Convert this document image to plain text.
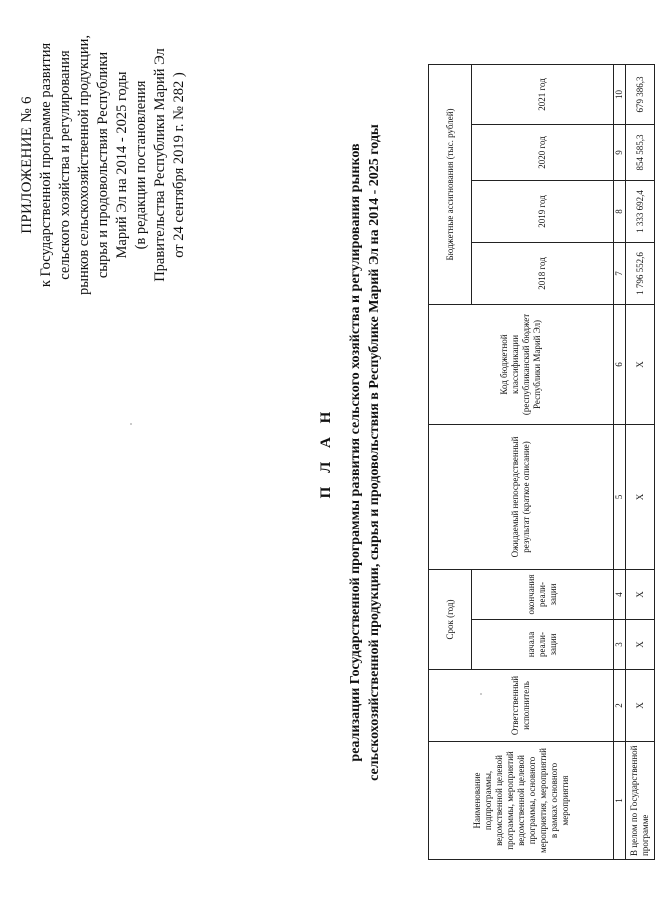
ПРИЛОЖЕНИЕ № 6 к Государственной программе развития сельского хозяйства и регулирования рынков сельскохозяйственной продукции, сырья и продовольствия Республики Марий Эл на 2014 - 2025 годы (в редакции постановления Правительства Республики Марий Эл от 24 сентября 2019 г. № 282 )
П Л А Н реализации Государственной программы развития сельского хозяйства и регулирования рынков сельскохозяйственной продукции, сырья и продовольствия в Республике Марий Эл на 2014 - 2025 годы
Наименование подпрограммы, ведомственной целевой программы, мероприятий ведомственной целевой программы, основного мероприятия, мероприятий в рамках основного мероприятия	Ответственный исполнитель	Срок (год)		Ожидаемый непосредственный результат (краткое описание)	Код бюджетной классификации (республиканский бюджет Республики Марий Эл)	Бюджетные ассигнования (тыс. рублей)			
		начала реали-зации	окончания реали-зации			2018 год	2019 год	2020 год	2021 год
1	2	3	4	5	6	7	8	9	10
В целом по Государственной программе	Х	Х	Х	Х	Х	1 796 552,6	1 333 692,4	854 585,3	679 386,3
